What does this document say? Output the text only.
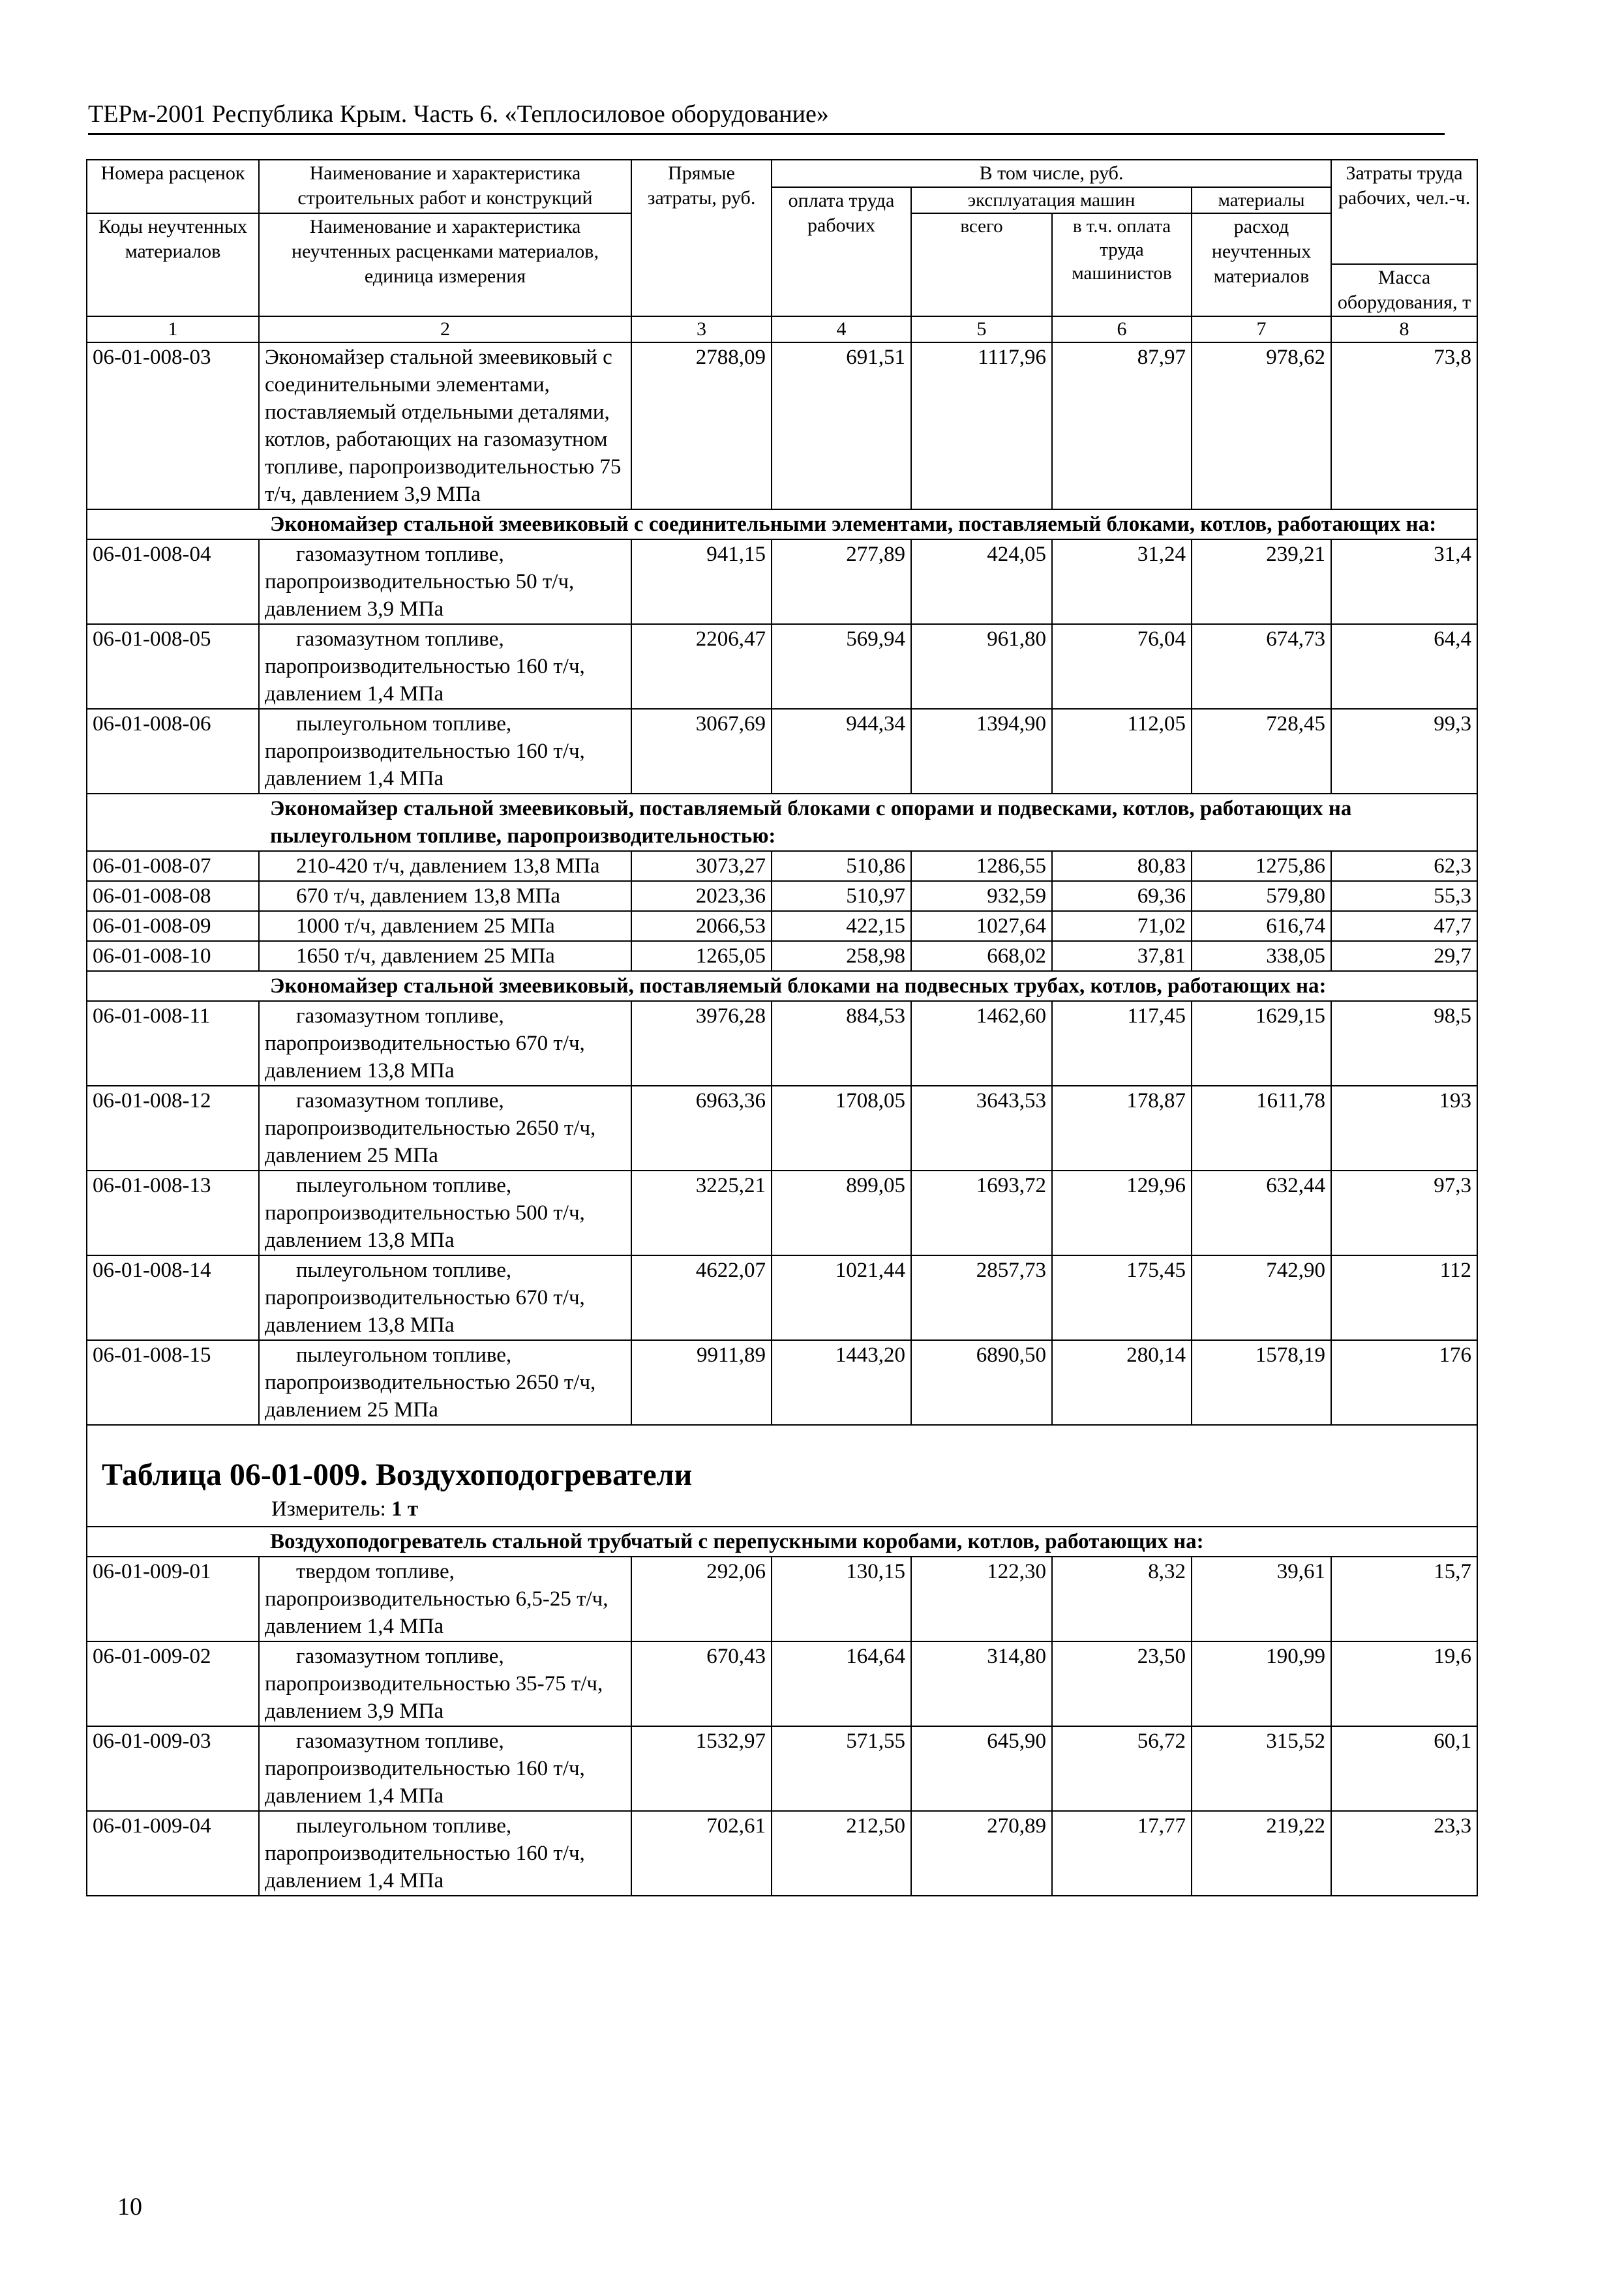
ТЕРм-2001 Республика Крым. Часть 6. «Теплосиловое оборудование»
Номера расценок	Наименование и характеристика строительных работ и конструкций	Прямые затраты, руб.	В том числе, руб.				Затраты труда рабочих, чел.-ч.
			оплата труда рабочих	эксплуатация машин		материалы	
Коды неучтенных материалов	Наименование и характеристика неучтенных расценками материалов, единица измерения			всего	в т.ч. оплата труда машинистов	расход неучтенных материалов	
							Масса оборудования, т
1	2	3	4	5	6	7	8
06-01-008-03	Экономайзер стальной змеевиковый с соединительными элементами, поставляемый отдельными деталями, котлов, работающих на газомазутном топливе, паропроизводительностью 75 т/ч, давлением 3,9 МПа	2788,09	691,51	1117,96	87,97	978,62	73,8
Экономайзер стальной змеевиковый с соединительными элементами, поставляемый блоками, котлов, работающих на:							
06-01-008-04	газомазутном топливе, паропроизводительностью 50 т/ч, давлением 3,9 МПа	941,15	277,89	424,05	31,24	239,21	31,4
06-01-008-05	газомазутном топливе, паропроизводительностью 160 т/ч, давлением 1,4 МПа	2206,47	569,94	961,80	76,04	674,73	64,4
06-01-008-06	пылеугольном топливе, паропроизводительностью 160 т/ч, давлением 1,4 МПа	3067,69	944,34	1394,90	112,05	728,45	99,3
Экономайзер стальной змеевиковый, поставляемый блоками с опорами и подвесками, котлов, работающих на пылеугольном топливе, паропроизводительностью:							
06-01-008-07	210-420 т/ч, давлением 13,8 МПа	3073,27	510,86	1286,55	80,83	1275,86	62,3
06-01-008-08	670 т/ч, давлением 13,8 МПа	2023,36	510,97	932,59	69,36	579,80	55,3
06-01-008-09	1000 т/ч, давлением 25 МПа	2066,53	422,15	1027,64	71,02	616,74	47,7
06-01-008-10	1650 т/ч, давлением 25 МПа	1265,05	258,98	668,02	37,81	338,05	29,7
Экономайзер стальной змеевиковый, поставляемый блоками на подвесных трубах, котлов, работающих на:							
06-01-008-11	газомазутном топливе, паропроизводительностью 670 т/ч, давлением 13,8 МПа	3976,28	884,53	1462,60	117,45	1629,15	98,5
06-01-008-12	газомазутном топливе, паропроизводительностью 2650 т/ч, давлением 25 МПа	6963,36	1708,05	3643,53	178,87	1611,78	193
06-01-008-13	пылеугольном топливе, паропроизводительностью 500 т/ч, давлением 13,8 МПа	3225,21	899,05	1693,72	129,96	632,44	97,3
06-01-008-14	пылеугольном топливе, паропроизводительностью 670 т/ч, давлением 13,8 МПа	4622,07	1021,44	2857,73	175,45	742,90	112
06-01-008-15	пылеугольном топливе, паропроизводительностью 2650 т/ч, давлением 25 МПа	9911,89	1443,20	6890,50	280,14	1578,19	176

Таблица 06-01-009. Воздухоподогреватели
Измеритель: 1 т							

Воздухоподогреватель стальной трубчатый с перепускными коробами, котлов, работающих на:							
06-01-009-01	твердом топливе, паропроизводительностью 6,5-25 т/ч, давлением 1,4 МПа	292,06	130,15	122,30	8,32	39,61	15,7
06-01-009-02	газомазутном топливе, паропроизводительностью 35-75 т/ч, давлением 3,9 МПа	670,43	164,64	314,80	23,50	190,99	19,6
06-01-009-03	газомазутном топливе, паропроизводительностью 160 т/ч, давлением 1,4 МПа	1532,97	571,55	645,90	56,72	315,52	60,1
06-01-009-04	пылеугольном топливе, паропроизводительностью 160 т/ч, давлением 1,4 МПа	702,61	212,50	270,89	17,77	219,22	23,3
10
